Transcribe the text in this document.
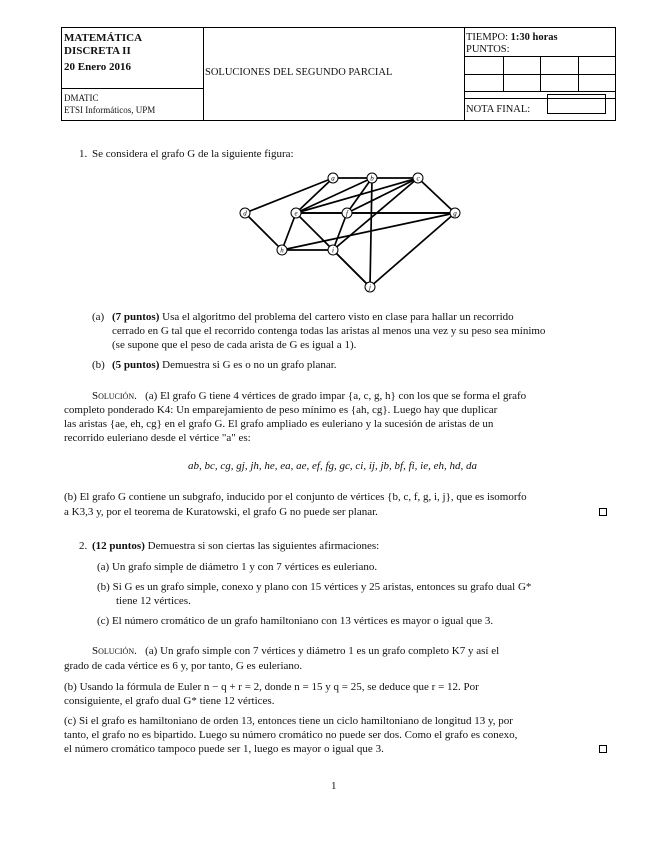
MATEMÁTICA
DISCRETA II
20 Enero 2016
DMATIC
ETSI Informáticos, UPM
SOLUCIONES DEL SEGUNDO PARCIAL
TIEMPO: 1:30 horas
PUNTOS:
NOTA FINAL:
1. Se considera el grafo G de la siguiente figura:
a	b	c
d	e	f	g
h	i
j
(a) (7 puntos) Usa el algoritmo del problema del cartero visto en clase para hallar un recorrido
cerrado en G tal que el recorrido contenga todas las aristas al menos una vez y su peso sea mínimo
(se supone que el peso de cada arista de G es igual a 1).
(b) (5 puntos) Demuestra si G es o no un grafo planar.
Solución. (a) El grafo G tiene 4 vértices de grado impar {a, c, g, h} con los que se forma el grafo
completo ponderado K4: Un emparejamiento de peso mínimo es {ah, cg}. Luego hay que duplicar
las aristas {ae, eh, cg} en el grafo G. El grafo ampliado es euleriano y la sucesión de aristas de un
recorrido euleriano desde el vértice "a" es:
ab, bc, cg, gj, jh, he, ea, ae, ef, fg, gc, ci, ij, jb, bf, fi, ie, eh, hd, da
(b) El grafo G contiene un subgrafo, inducido por el conjunto de vértices {b, c, f, g, i, j}, que es isomorfo
a K3,3 y, por el teorema de Kuratowski, el grafo G no puede ser planar.
2. (12 puntos) Demuestra si son ciertas las siguientes afirmaciones:
(a) Un grafo simple de diámetro 1 y con 7 vértices es euleriano.
(b) Si G es un grafo simple, conexo y plano con 15 vértices y 25 aristas, entonces su grafo dual G*
tiene 12 vértices.
(c) El número cromático de un grafo hamiltoniano con 13 vértices es mayor o igual que 3.
Solución. (a) Un grafo simple con 7 vértices y diámetro 1 es un grafo completo K7 y así el
grado de cada vértice es 6 y, por tanto, G es euleriano.
(b) Usando la fórmula de Euler n − q + r = 2, donde n = 15 y q = 25, se deduce que r = 12. Por
consiguiente, el grafo dual G* tiene 12 vértices.
(c) Si el grafo es hamiltoniano de orden 13, entonces tiene un ciclo hamiltoniano de longitud 13 y, por
tanto, el grafo no es bipartido. Luego su número cromático no puede ser dos. Como el grafo es conexo,
el número cromático tampoco puede ser 1, luego es mayor o igual que 3.
1
